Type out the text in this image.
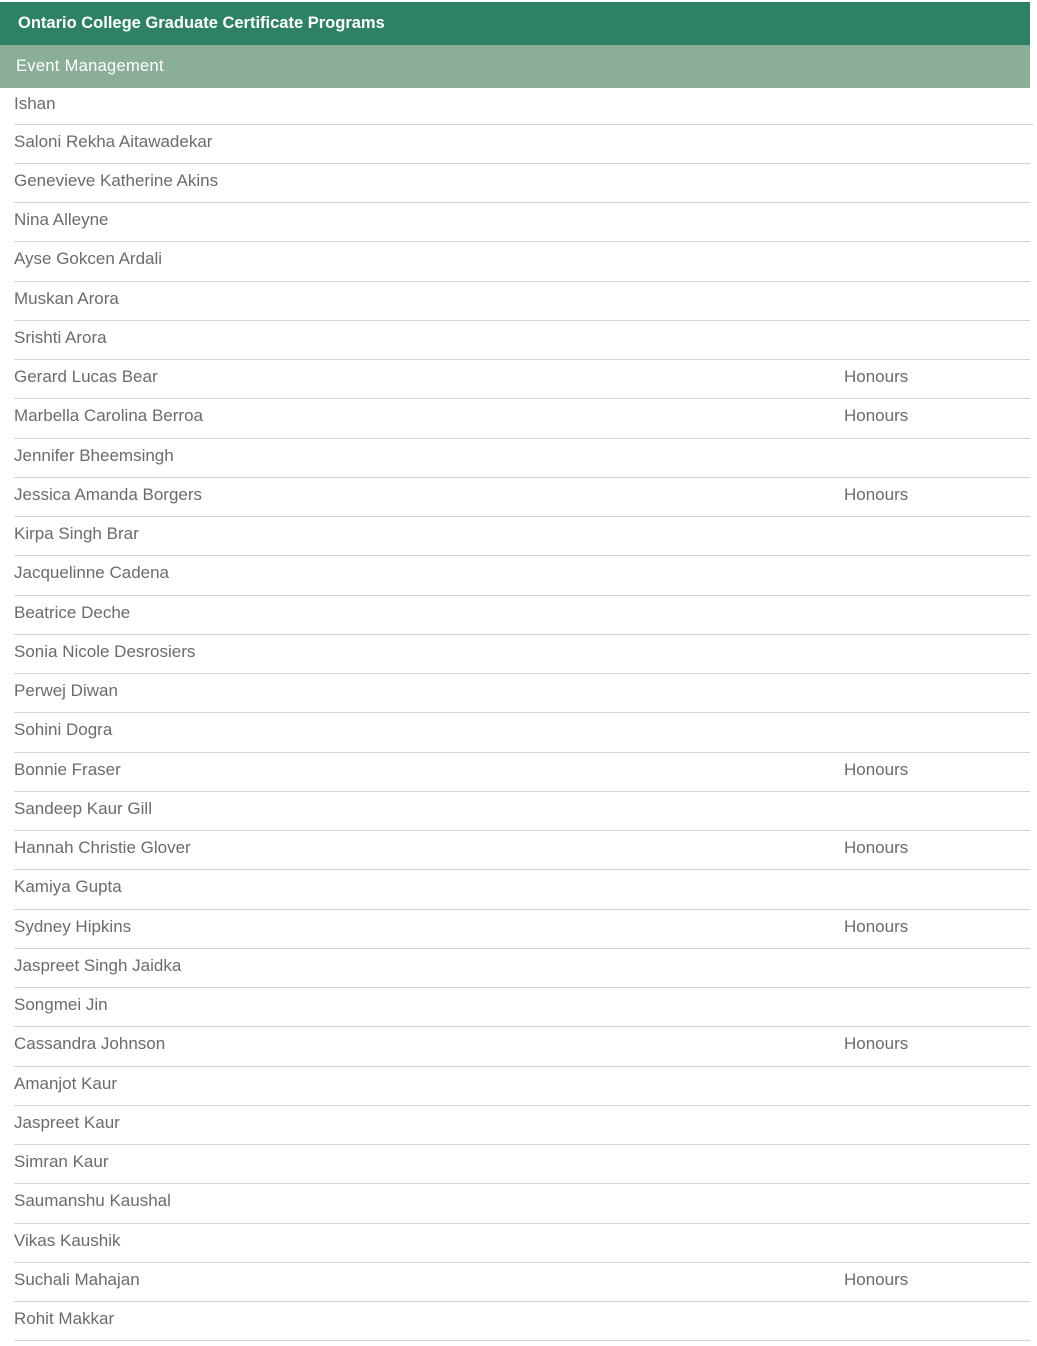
Ontario College Graduate Certificate Programs
Event Management
Ishan
Saloni Rekha Aitawadekar
Genevieve Katherine Akins
Nina Alleyne
Ayse Gokcen Ardali
Muskan Arora
Srishti Arora
Gerard Lucas Bear	Honours
Marbella Carolina Berroa	Honours
Jennifer Bheemsingh
Jessica Amanda Borgers	Honours
Kirpa Singh Brar
Jacquelinne Cadena
Beatrice Deche
Sonia Nicole Desrosiers
Perwej Diwan
Sohini Dogra
Bonnie Fraser	Honours
Sandeep Kaur Gill
Hannah Christie Glover	Honours
Kamiya Gupta
Sydney Hipkins	Honours
Jaspreet Singh Jaidka
Songmei Jin
Cassandra Johnson	Honours
Amanjot Kaur
Jaspreet Kaur
Simran Kaur
Saumanshu Kaushal
Vikas Kaushik
Suchali Mahajan	Honours
Rohit Makkar
